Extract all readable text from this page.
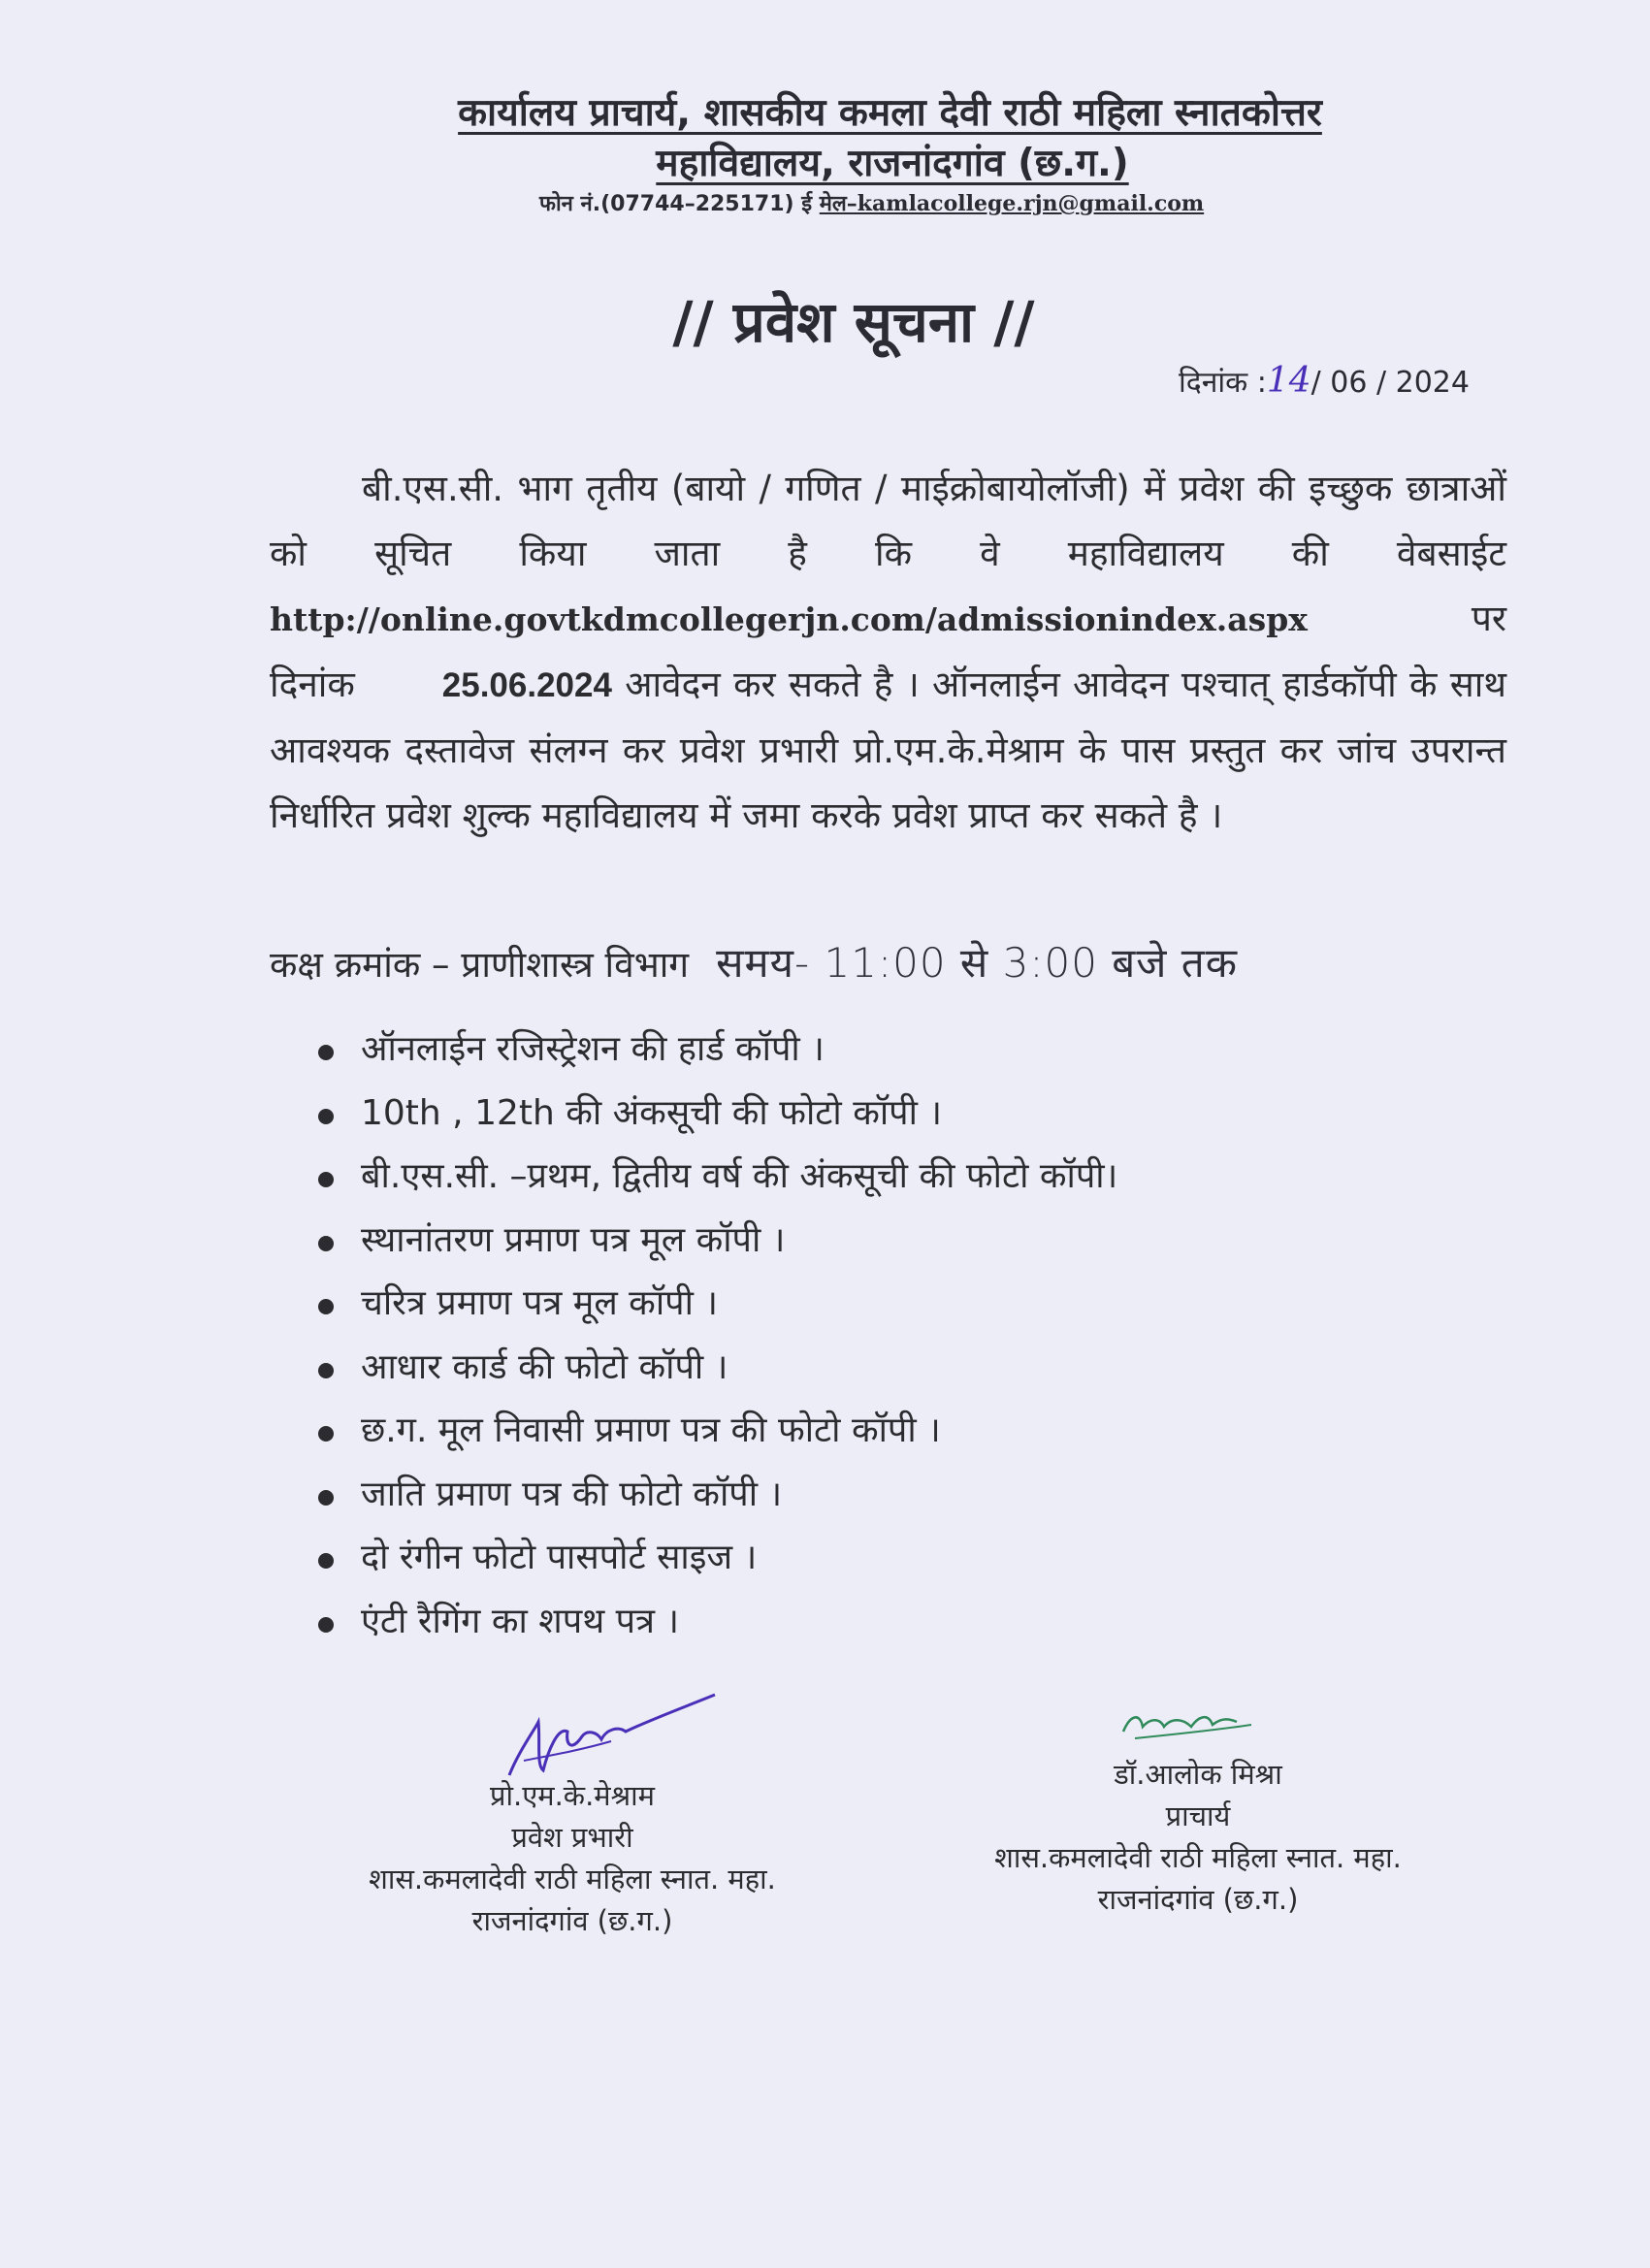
कार्यालय प्राचार्य, शासकीय कमला देवी राठी महिला स्नातकोत्तर
महाविद्यालय, राजनांदगांव (छ.ग.)
फोन नं.(07744–225171) ई मेल–kamlacollege.rjn@gmail.com
// प्रवेश सूचना //
दिनांक :14/ 06 / 2024
बी.एस.सी. भाग तृतीय (बायो / गणित / माईक्रोबायोलॉजी) में प्रवेश की इच्छुक छात्राओं को सूचित किया जाता है कि वे महाविद्यालय की वेबसाईट http://online.govtkdmcollegerjn.com/admissionindex.aspx पर दिनांक	25.06.2024 आवेदन कर सकते है । ऑनलाईन आवेदन पश्चात् हार्डकॉपी के साथ आवश्यक दस्तावेज संलग्न कर प्रवेश प्रभारी प्रो.एम.के.मेश्राम के पास प्रस्तुत कर जांच उपरान्त निर्धारित प्रवेश शुल्क महाविद्यालय में जमा करके प्रवेश प्राप्त कर सकते है ।
कक्ष क्रमांक – प्राणीशास्त्र विभाग समय- 11:00 से 3:00 बजे तक
ऑनलाईन रजिस्ट्रेशन की हार्ड कॉपी ।
10th , 12th की अंकसूची की फोटो कॉपी ।
बी.एस.सी. –प्रथम, द्वितीय वर्ष की अंकसूची की फोटो कॉपी।
स्थानांतरण प्रमाण पत्र मूल कॉपी ।
चरित्र प्रमाण पत्र मूल कॉपी ।
आधार कार्ड की फोटो कॉपी ।
छ.ग. मूल निवासी प्रमाण पत्र की फोटो कॉपी ।
जाति प्रमाण पत्र की फोटो कॉपी ।
दो रंगीन फोटो पासपोर्ट साइज ।
एंटी रैगिंग का शपथ पत्र ।
प्रो.एम.के.मेश्राम
प्रवेश प्रभारी
शास.कमलादेवी राठी महिला स्नात. महा.
राजनांदगांव (छ.ग.)
डॉ.आलोक मिश्रा
प्राचार्य
शास.कमलादेवी राठी महिला स्नात. महा.
राजनांदगांव (छ.ग.)
